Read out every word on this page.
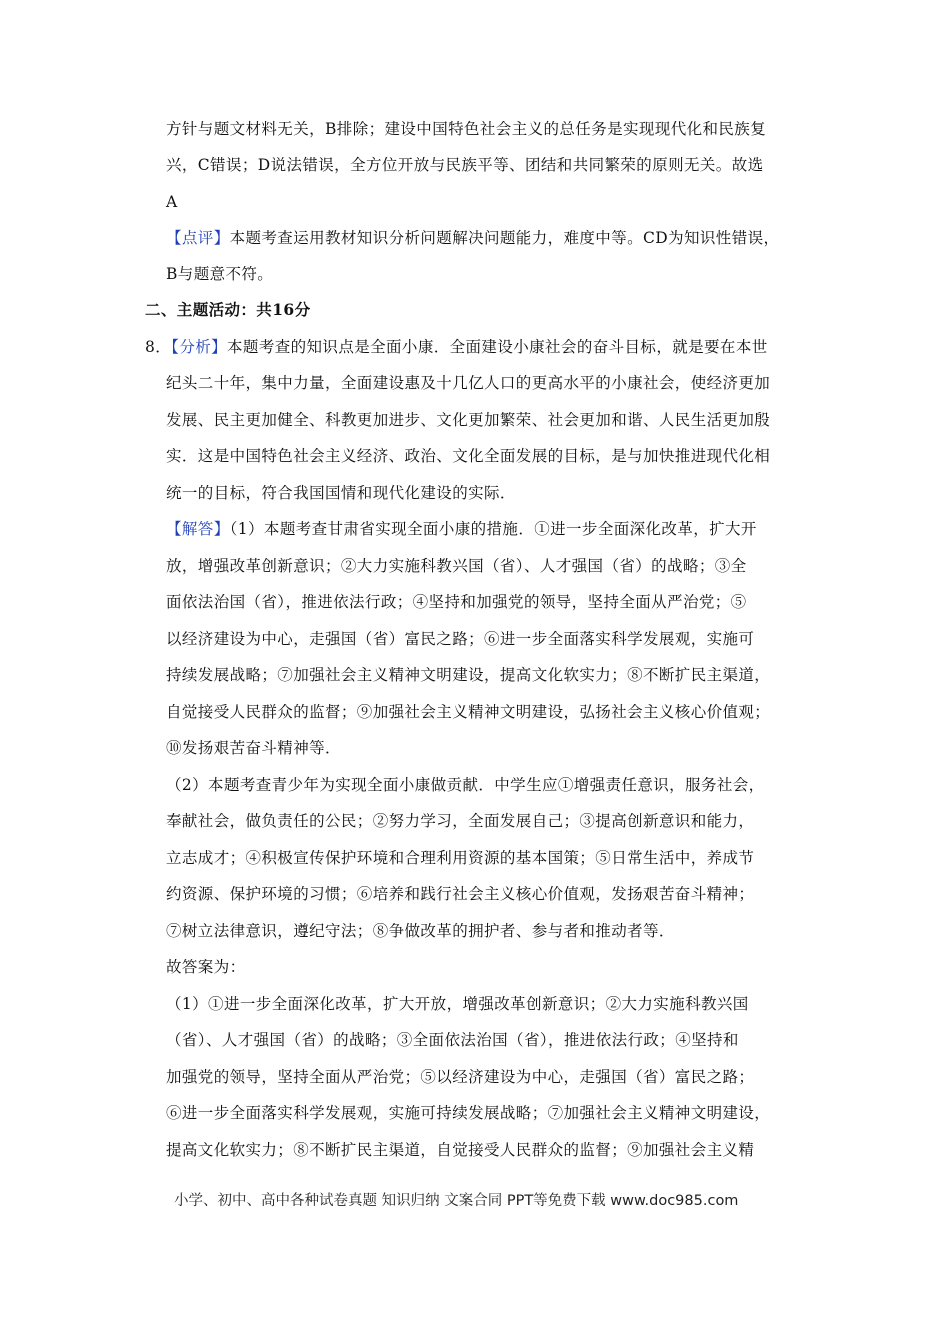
方针与题文材料无关，B排除；建设中国特色社会主义的总任务是实现现代化和民族复
兴，C错误；D说法错误，全方位开放与民族平等、团结和共同繁荣的原则无关。故选
A
【点评】本题考查运用教材知识分析问题解决问题能力，难度中等。CD为知识性错误，
B与题意不符。
二、主题活动：共16分
8．【分析】本题考查的知识点是全面小康．全面建设小康社会的奋斗目标，就是要在本世
纪头二十年，集中力量，全面建设惠及十几亿人口的更高水平的小康社会，使经济更加
发展、民主更加健全、科教更加进步、文化更加繁荣、社会更加和谐、人民生活更加殷
实．这是中国特色社会主义经济、政治、文化全面发展的目标，是与加快推进现代化相
统一的目标，符合我国国情和现代化建设的实际．
【解答】（1）本题考查甘肃省实现全面小康的措施．①进一步全面深化改革，扩大开
放，增强改革创新意识；②大力实施科教兴国（省）、人才强国（省）的战略；③全
面依法治国（省），推进依法行政；④坚持和加强党的领导，坚持全面从严治党；⑤
以经济建设为中心，走强国（省）富民之路；⑥进一步全面落实科学发展观，实施可
持续发展战略；⑦加强社会主义精神文明建设，提高文化软实力；⑧不断扩民主渠道，
自觉接受人民群众的监督；⑨加强社会主义精神文明建设，弘扬社会主义核心价值观；
⑩发扬艰苦奋斗精神等．
（2）本题考查青少年为实现全面小康做贡献．中学生应①增强责任意识，服务社会，
奉献社会，做负责任的公民；②努力学习，全面发展自己；③提高创新意识和能力，
立志成才；④积极宣传保护环境和合理利用资源的基本国策；⑤日常生活中，养成节
约资源、保护环境的习惯；⑥培养和践行社会主义核心价值观，发扬艰苦奋斗精神；
⑦树立法律意识，遵纪守法；⑧争做改革的拥护者、参与者和推动者等．
故答案为：
（1）①进一步全面深化改革，扩大开放，增强改革创新意识；②大力实施科教兴国
（省）、人才强国（省）的战略；③全面依法治国（省），推进依法行政；④坚持和
加强党的领导，坚持全面从严治党；⑤以经济建设为中心，走强国（省）富民之路；
⑥进一步全面落实科学发展观，实施可持续发展战略；⑦加强社会主义精神文明建设，
提高文化软实力；⑧不断扩民主渠道，自觉接受人民群众的监督；⑨加强社会主义精
小学、初中、高中各种试卷真题 知识归纳 文案合同 PPT等免费下载 www.doc985.com
